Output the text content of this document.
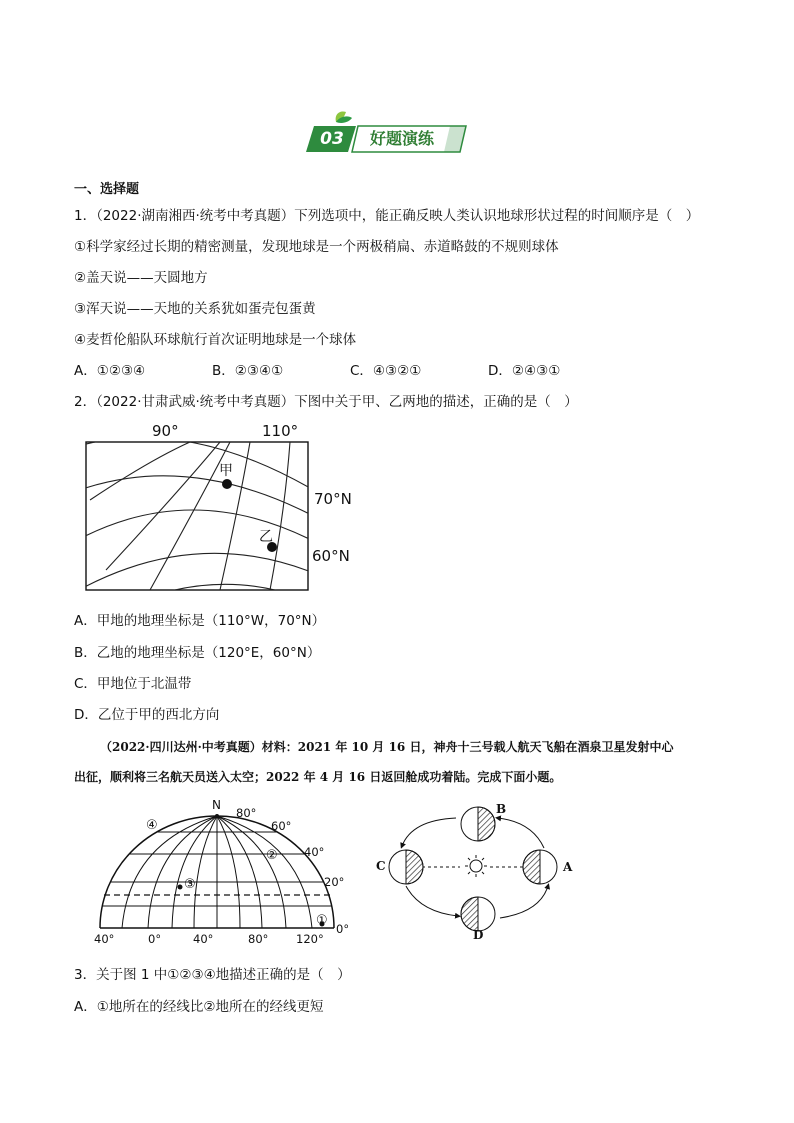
03	好题演练
一、选择题
1．（2022·湖南湘西·统考中考真题）下列选项中，能正确反映人类认识地球形状过程的时间顺序是（　）
①科学家经过长期的精密测量，发现地球是一个两极稍扁、赤道略鼓的不规则球体
②盖天说——天圆地方
③浑天说——天地的关系犹如蛋壳包蛋黄
④麦哲伦船队环球航行首次证明地球是一个球体
A．①②③④	B．②③④①	C．④③②①	D．②④③①
2．（2022·甘肃武威·统考中考真题）下图中关于甲、乙两地的描述，正确的是（　）
90°	110°
70°N
60°N
甲
乙
A．甲地的地理坐标是（110°W，70°N）
B．乙地的地理坐标是（120°E，60°N）
C．甲地位于北温带
D．乙位于甲的西北方向
（2022·四川达州·中考真题）材料：2021 年 10 月 16 日，神舟十三号载人航天飞船在酒泉卫星发射中心
出征，顺利将三名航天员送入太空；2022 年 4 月 16 日返回舱成功着陆。完成下面小题。
N
80°
60°
40°
20°
0°
40°	0°	40°	80° 120°
④
②
③
①
B
C	A
D
3．关于图 1 中①②③④地描述正确的是（　）
A．①地所在的经线比②地所在的经线更短
